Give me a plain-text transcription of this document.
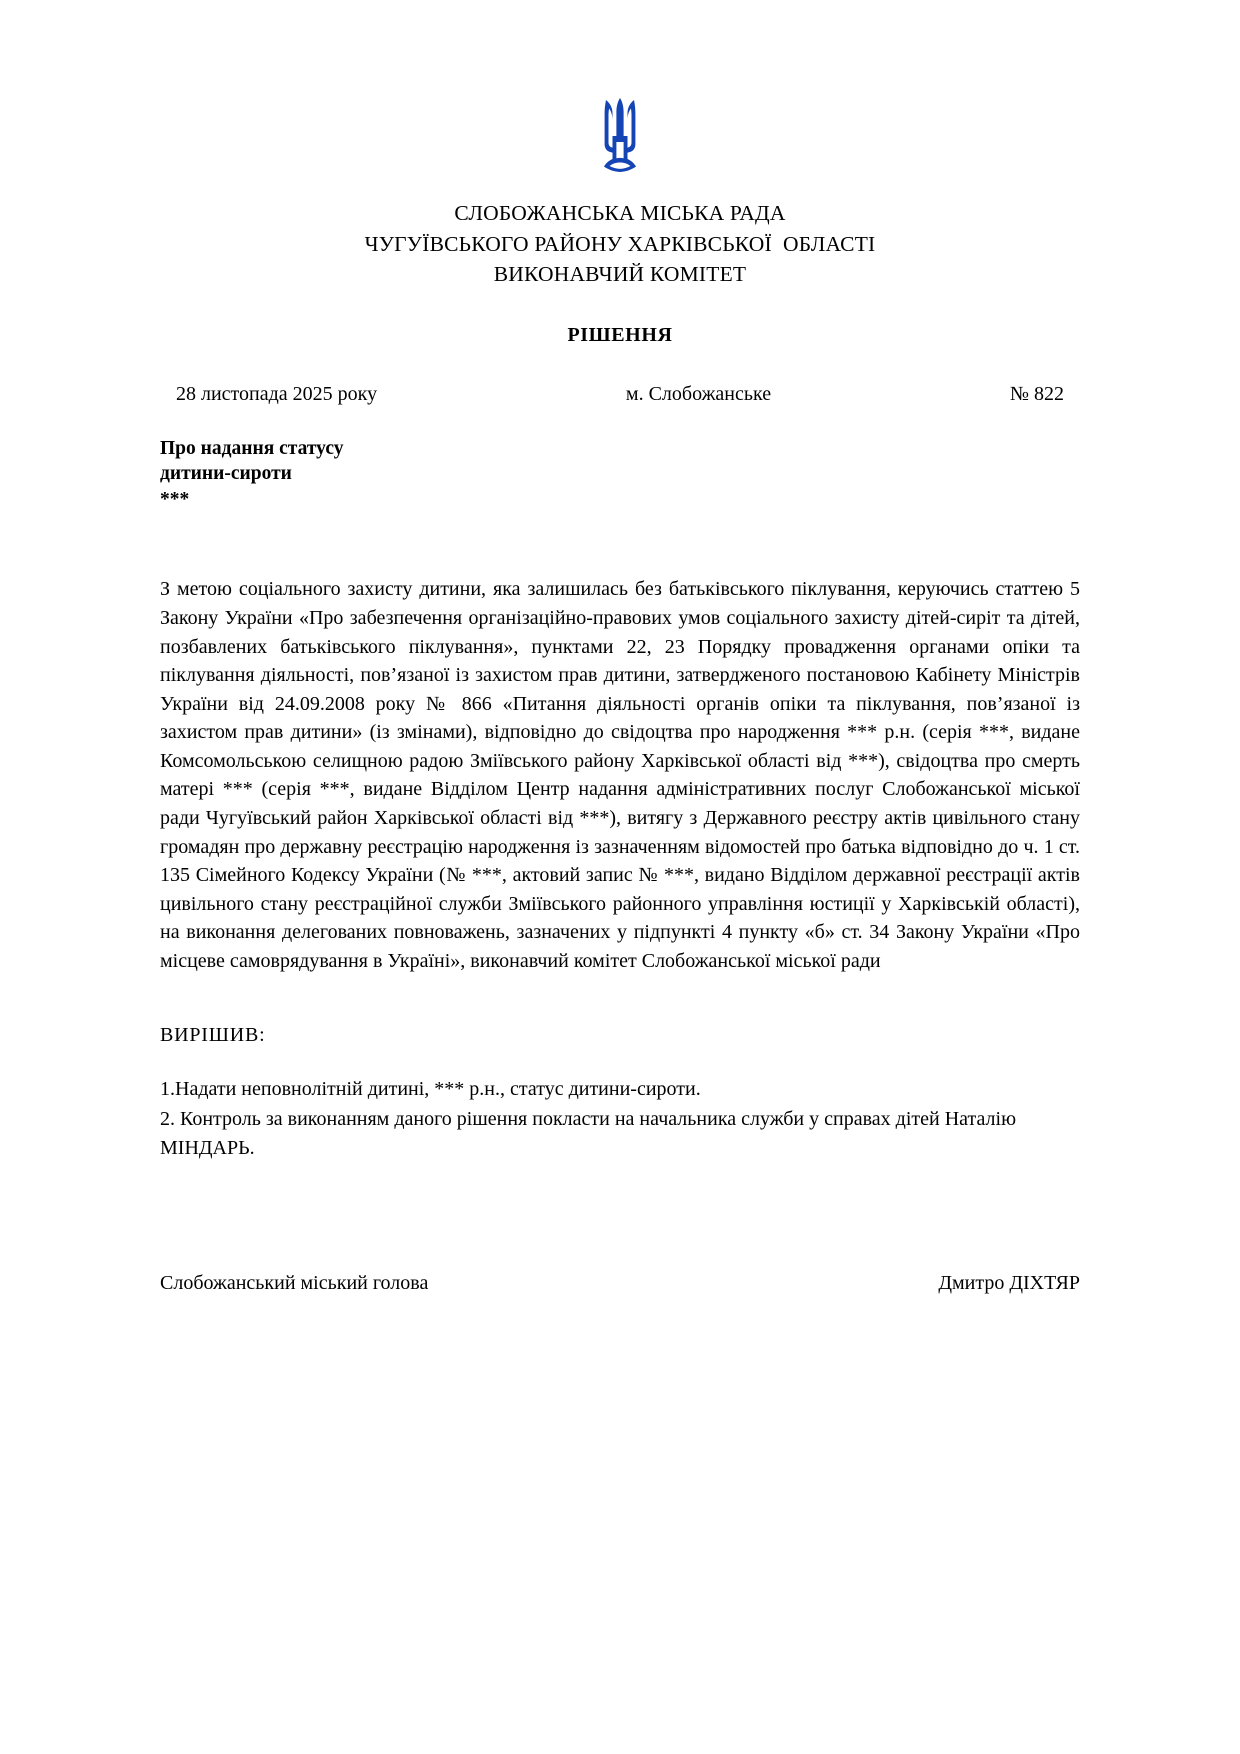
СЛОБОЖАНСЬКА МІСЬКА РАДА
ЧУГУЇВСЬКОГО РАЙОНУ ХАРКІВСЬКОЇ  ОБЛАСТІ
ВИКОНАВЧИЙ КОМІТЕТ
РІШЕННЯ
28 листопада 2025 року	м. Слобожанське	№ 822
Про надання статусу
дитини-сироти
***
З метою соціального захисту дитини, яка залишилась без батьківського піклування, керуючись статтею 5 Закону України «Про забезпечення організаційно-правових умов соціального захисту дітей-сиріт та дітей, позбавлених батьківського піклування», пунктами 22, 23 Порядку провадження органами опіки та піклування діяльності, пов’язаної із захистом прав дитини, затвердженого постановою Кабінету Міністрів України від 24.09.2008 року № 866 «Питання діяльності органів опіки та піклування, пов’язаної із захистом прав дитини» (із змінами), відповідно до свідоцтва про народження *** р.н. (серія ***, видане Комсомольською селищною радою Зміївського району Харківської області від ***), свідоцтва про смерть матері *** (серія ***, видане Відділом Центр надання адміністративних послуг Слобожанської міської ради Чугуївський район Харківської області від ***), витягу з Державного реєстру актів цивільного стану громадян про державну реєстрацію народження із зазначенням відомостей про батька відповідно до ч. 1 ст. 135 Сімейного Кодексу України (№ ***, актовий запис № ***, видано Відділом державної реєстрації актів цивільного стану реєстраційної служби Зміївського районного управління юстиції у Харківській області), на виконання делегованих повноважень, зазначених у підпункті 4 пункту «б» ст. 34 Закону України «Про місцеве самоврядування в Україні», виконавчий комітет Слобожанської міської ради
ВИРІШИВ:
1.Надати неповнолітній дитині, *** р.н., статус дитини-сироти.
2. Контроль за виконанням даного рішення покласти на начальника служби у справах дітей Наталію МІНДАРЬ.
Слобожанський міський голова	Дмитро ДІХТЯР
